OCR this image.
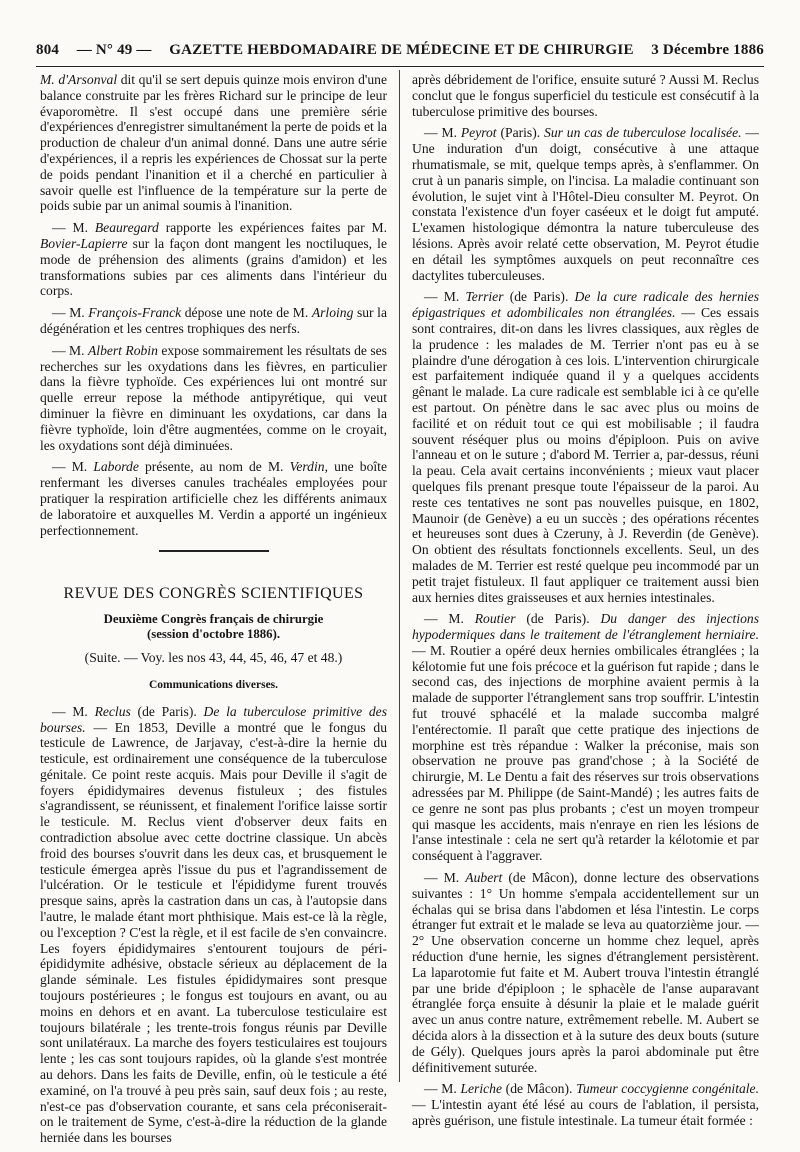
804 — N° 49 — GAZETTE HEBDOMADAIRE DE MÉDECINE ET DE CHIRURGIE 3 Décembre 1886

M. d'Arsonval dit qu'il se sert depuis quinze mois environ d'une balance construite par les frères Richard sur le principe de leur évaporomètre. Il s'est occupé dans une première série d'expériences d'enregistrer simultanément la perte de poids et la production de chaleur d'un animal donné. Dans une autre série d'expériences, il a repris les expériences de Chossat sur la perte de poids pendant l'inanition et il a cherché en particulier à savoir quelle est l'influence de la température sur la perte de poids subie par un animal soumis à l'inanition.

— M. Beauregard rapporte les expériences faites par M. Bovier-Lapierre sur la façon dont mangent les noctiluques, le mode de préhension des aliments (grains d'amidon) et les transformations subies par ces aliments dans l'intérieur du corps.

— M. François-Franck dépose une note de M. Arloing sur la dégénération et les centres trophiques des nerfs.

— M. Albert Robin expose sommairement les résultats de ses recherches sur les oxydations dans les fièvres, en particulier dans la fièvre typhoïde. Ces expériences lui ont montré sur quelle erreur repose la méthode antipyrétique, qui veut diminuer la fièvre en diminuant les oxydations, car dans la fièvre typhoïde, loin d'être augmentées, comme on le croyait, les oxydations sont déjà diminuées.

— M. Laborde présente, au nom de M. Verdin, une boîte renfermant les diverses canules trachéales employées pour pratiquer la respiration artificielle chez les différents animaux de laboratoire et auxquelles M. Verdin a apporté un ingénieux perfectionnement.

REVUE DES CONGRÈS SCIENTIFIQUES
Deuxième Congrès français de chirurgie
(session d'octobre 1886).
(Suite. — Voy. les nos 43, 44, 45, 46, 47 et 48.)
Communications diverses.

— M. Reclus (de Paris). De la tuberculose primitive des bourses. — En 1853, Deville a montré que le fongus du testicule de Lawrence, de Jarjavay, c'est-à-dire la hernie du testicule, est ordinairement une conséquence de la tuberculose génitale. Ce point reste acquis. Mais pour Deville il s'agit de foyers épididymaires devenus fistuleux ; des fistules s'agrandissent, se réunissent, et finalement l'orifice laisse sortir le testicule. M. Reclus vient d'observer deux faits en contradiction absolue avec cette doctrine classique. Un abcès froid des bourses s'ouvrit dans les deux cas, et brusquement le testicule émergea après l'issue du pus et l'agrandissement de l'ulcération. Or le testicule et l'épididyme furent trouvés presque sains, après la castration dans un cas, à l'autopsie dans l'autre, le malade étant mort phthisique. Mais est-ce là la règle, ou l'exception ? C'est la règle, et il est facile de s'en convaincre. Les foyers épididymaires s'entourent toujours de péri-épididymite adhésive, obstacle sérieux au déplacement de la glande séminale. Les fistules épididymaires sont presque toujours postérieures ; le fongus est toujours en avant, ou au moins en dehors et en avant. La tuberculose testiculaire est toujours bilatérale ; les trente-trois fongus réunis par Deville sont unilatéraux. La marche des foyers testiculaires est toujours lente ; les cas sont toujours rapides, où la glande s'est montrée au dehors. Dans les faits de Deville, enfin, où le testicule a été examiné, on l'a trouvé à peu près sain, sauf deux fois ; au reste, n'est-ce pas d'observation courante, et sans cela préconiserait-on le traitement de Syme, c'est-à-dire la réduction de la glande herniée dans les bourses

après débridement de l'orifice, ensuite suturé ? Aussi M. Reclus conclut que le fongus superficiel du testicule est consécutif à la tuberculose primitive des bourses.

— M. Peyrot (Paris). Sur un cas de tuberculose localisée. — Une induration d'un doigt, consécutive à une attaque rhumatismale, se mit, quelque temps après, à s'enflammer. On crut à un panaris simple, on l'incisa. La maladie continuant son évolution, le sujet vint à l'Hôtel-Dieu consulter M. Peyrot. On constata l'existence d'un foyer caséeux et le doigt fut amputé. L'examen histologique démontra la nature tuberculeuse des lésions. Après avoir relaté cette observation, M. Peyrot étudie en détail les symptômes auxquels on peut reconnaître ces dactylites tuberculeuses.

— M. Terrier (de Paris). De la cure radicale des hernies épigastriques et adombilicales non étranglées. — Ces essais sont contraires, dit-on dans les livres classiques, aux règles de la prudence : les malades de M. Terrier n'ont pas eu à se plaindre d'une dérogation à ces lois. L'intervention chirurgicale est parfaitement indiquée quand il y a quelques accidents gênant le malade. La cure radicale est semblable ici à ce qu'elle est partout. On pénètre dans le sac avec plus ou moins de facilité et on réduit tout ce qui est mobilisable ; il faudra souvent réséquer plus ou moins d'épiploon. Puis on avive l'anneau et on le suture ; d'abord M. Terrier a, par-dessus, réuni la peau. Cela avait certains inconvénients ; mieux vaut placer quelques fils prenant presque toute l'épaisseur de la paroi. Au reste ces tentatives ne sont pas nouvelles puisque, en 1802, Maunoir (de Genève) a eu un succès ; des opérations récentes et heureuses sont dues à Czeruny, à J. Reverdin (de Genève). On obtient des résultats fonctionnels excellents. Seul, un des malades de M. Terrier est resté quelque peu incommodé par un petit trajet fistuleux. Il faut appliquer ce traitement aussi bien aux hernies dites graisseuses et aux hernies intestinales.

— M. Routier (de Paris). Du danger des injections hypodermiques dans le traitement de l'étranglement herniaire. — M. Routier a opéré deux hernies ombilicales étranglées ; la kélotomie fut une fois précoce et la guérison fut rapide ; dans le second cas, des injections de morphine avaient permis à la malade de supporter l'étranglement sans trop souffrir. L'intestin fut trouvé sphacélé et la malade succomba malgré l'entérectomie. Il paraît que cette pratique des injections de morphine est très répandue : Walker la préconise, mais son observation ne prouve pas grand'chose ; à la Société de chirurgie, M. Le Dentu a fait des réserves sur trois observations adressées par M. Philippe (de Saint-Mandé) ; les autres faits de ce genre ne sont pas plus probants ; c'est un moyen trompeur qui masque les accidents, mais n'enraye en rien les lésions de l'anse intestinale : cela ne sert qu'à retarder la kélotomie et par conséquent à l'aggraver.

— M. Aubert (de Mâcon), donne lecture des observations suivantes : 1° Un homme s'empala accidentellement sur un échalas qui se brisa dans l'abdomen et lésa l'intestin. Le corps étranger fut extrait et le malade se leva au quatorzième jour. — 2° Une observation concerne un homme chez lequel, après réduction d'une hernie, les signes d'étranglement persistèrent. La laparotomie fut faite et M. Aubert trouva l'intestin étranglé par une bride d'épiploon ; le sphacèle de l'anse auparavant étranglée força ensuite à désunir la plaie et le malade guérit avec un anus contre nature, extrêmement rebelle. M. Aubert se décida alors à la dissection et à la suture des deux bouts (suture de Gély). Quelques jours après la paroi abdominale put être définitivement suturée.

— M. Leriche (de Mâcon). Tumeur coccygienne congénitale. — L'intestin ayant été lésé au cours de l'ablation, il persista, après guérison, une fistule intestinale. La tumeur était formée :
